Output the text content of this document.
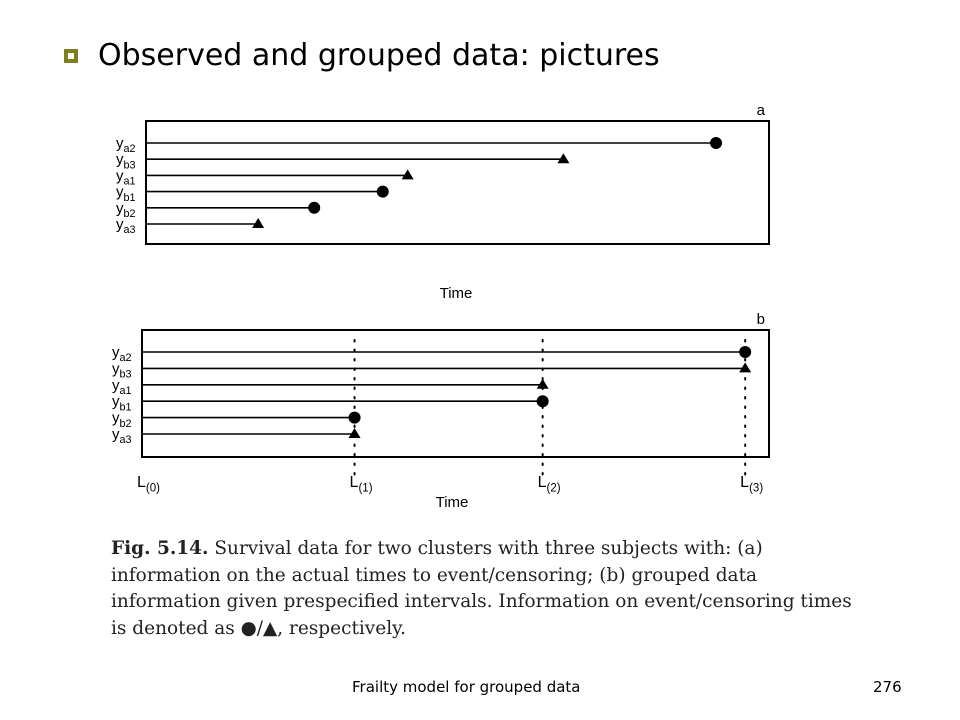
Observed and grouped data: pictures
a
$y_{a2}$
$y_{b3}$
$y_{a1}$
$y_{b1}$
$y_{b2}$
$y_{a3}$
Time
b
$L_{(0)}$	$L_{(1)}$	$L_{(2)}$	$L_{(3)}$
$y_{a2}$
$y_{b3}$
$y_{a1}$
$y_{b1}$
$y_{b2}$
$y_{a3}$
Time
Fig. 5.14. Survival data for two clusters with three subjects with: (a) information on the actual times to event/censoring; (b) grouped data information given prespecified intervals. Information on event/censoring times is denoted as ●/▲, respectively.
Frailty model for grouped data	276
